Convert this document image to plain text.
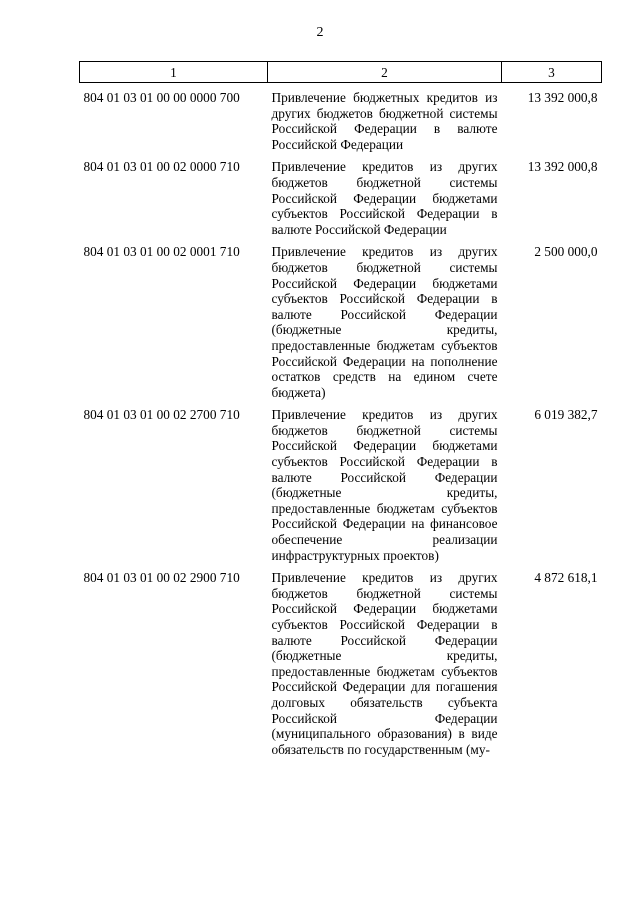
2
1	2	3
804 01 03 01 00 00 0000 700	Привлечение бюджетных кредитов из других бюджетов бюджетной системы Российской Федерации в валюте Российской Федерации	13 392 000,8
804 01 03 01 00 02 0000 710	Привлечение кредитов из других бюджетов бюджетной системы Российской Федерации бюджетами субъектов Российской Федерации в валюте Российской Федерации	13 392 000,8
804 01 03 01 00 02 0001 710	Привлечение кредитов из других бюджетов бюджетной системы Российской Федерации бюджетами субъектов Российской Федерации в валюте Российской Федерации (бюджетные кредиты, предоставленные бюджетам субъектов Российской Федерации на пополнение остатков средств на едином счете бюджета)	2 500 000,0
804 01 03 01 00 02 2700 710	Привлечение кредитов из других бюджетов бюджетной системы Российской Федерации бюджетами субъектов Российской Федерации в валюте Российской Федерации (бюджетные кредиты, предоставленные бюджетам субъектов Российской Федерации на финансовое обеспечение реализации инфраструктурных проектов)	6 019 382,7
804 01 03 01 00 02 2900 710	Привлечение кредитов из других бюджетов бюджетной системы Российской Федерации бюджетами субъектов Российской Федерации в валюте Российской Федерации (бюджетные кредиты, предоставленные бюджетам субъектов Российской Федерации для погашения долговых обязательств субъекта Российской Федерации (муниципального образования) в виде обязательств по государственным (му-	4 872 618,1
